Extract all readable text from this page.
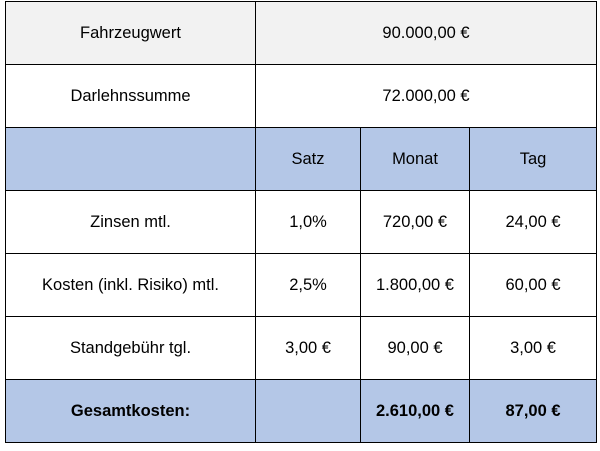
Fahrzeugwert	90.000,00 €		
Darlehnssumme	72.000,00 €		
	Satz	Monat	Tag
Zinsen mtl.	1,0%	720,00 €	24,00 €
Kosten (inkl. Risiko) mtl.	2,5%	1.800,00 €	60,00 €
Standgebühr tgl.	3,00 €	90,00 €	3,00 €
Gesamtkosten:		2.610,00 €	87,00 €
